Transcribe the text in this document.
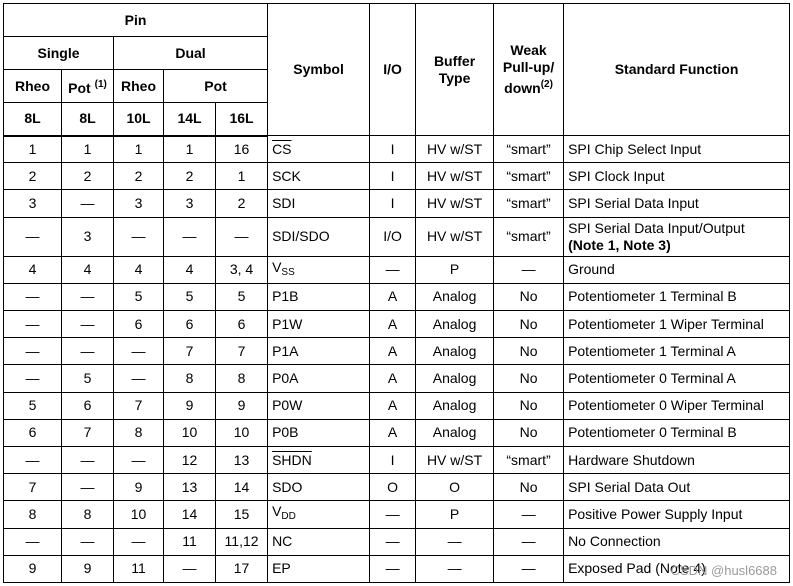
Pin					Symbol	I/O	Buffer Type	Weak Pull-up/ down$^{(2)}$	Standard Function
Single		Dual							
Rheo	Pot $^{(1)}$	Rheo	Pot						
8L	8L	10L	14L	16L					
1	1	1	1	16	$\overline{CS}$	I	HV w/ST	“smart”	SPI Chip Select Input
2	2	2	2	1	SCK	I	HV w/ST	“smart”	SPI Clock Input
3	—	3	3	2	SDI	I	HV w/ST	“smart”	SPI Serial Data Input
—	3	—	—	—	SDI/SDO	I/O	HV w/ST	“smart”	SPI Serial Data Input/Output
(Note 1, Note 3)
4	4	4	4	3, 4	$V_{SS}$	—	P	—	Ground
—	—	5	5	5	P1B	A	Analog	No	Potentiometer 1 Terminal B
—	—	6	6	6	P1W	A	Analog	No	Potentiometer 1 Wiper Terminal
—	—	—	7	7	P1A	A	Analog	No	Potentiometer 1 Terminal A
—	5	—	8	8	P0A	A	Analog	No	Potentiometer 0 Terminal A
5	6	7	9	9	P0W	A	Analog	No	Potentiometer 0 Wiper Terminal
6	7	8	10	10	P0B	A	Analog	No	Potentiometer 0 Terminal B
—	—	—	12	13	SHDN	I	HV w/ST	“smart”	Hardware Shutdown
7	—	9	13	14	SDO	O	O	No	SPI Serial Data Out
8	8	10	14	15	$V_{DD}$	—	P	—	Positive Power Supply Input
—	—	—	11	11,12	NC	—	—	—	No Connection
9	9	11	—	17	EP	—	—	—	Exposed Pad (Note 4)
CSDN @husl6688
